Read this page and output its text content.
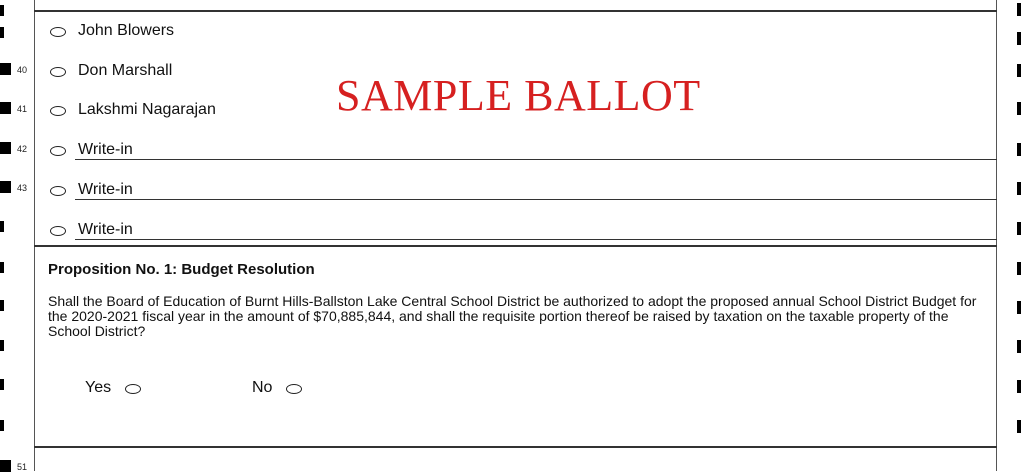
40
41
42
43
51
John Blowers
Don Marshall
Lakshmi Nagarajan
Write-in
Write-in
Write-in
SAMPLE BALLOT
Proposition No. 1: Budget Resolution
Shall the Board of Education of Burnt Hills-Ballston Lake Central School District be authorized to adopt the proposed annual School District Budget for the 2020-2021 fiscal year in the amount of $70,885,844, and shall the requisite portion thereof be raised by taxation on the taxable property of the School District?
Yes	No
